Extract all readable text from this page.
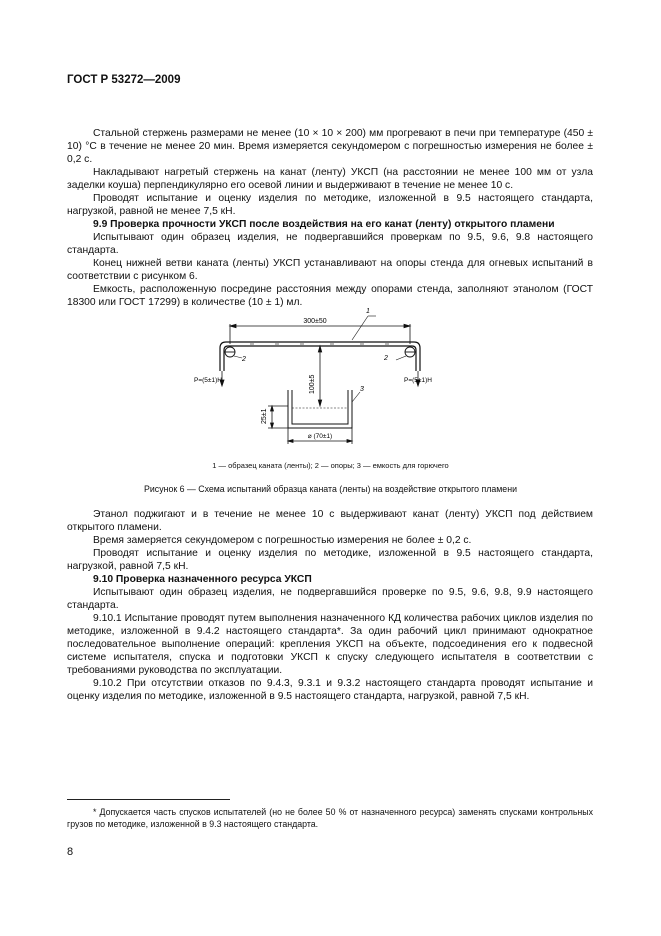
ГОСТ Р 53272—2009

Стальной стержень размерами не менее (10 × 10 × 200) мм прогревают в печи при температуре (450 ± 10) °С в течение не менее 20 мин. Время измеряется секундомером с погрешностью измерения не более ± 0,2 с.

Накладывают нагретый стержень на канат (ленту) УКСП (на расстоянии не менее 100 мм от узла заделки коуша) перпендикулярно его осевой линии и выдерживают в течение не менее 10 с.

Проводят испытание и оценку изделия по методике, изложенной в 9.5 настоящего стандарта, нагрузкой, равной не менее 7,5 кН.

9.9 Проверка прочности УКСП после воздействия на его канат (ленту) открытого пламени

Испытывают один образец изделия, не подвергавшийся проверкам по 9.5, 9.6, 9.8 настоящего стандарта.

Конец нижней ветви каната (ленты) УКСП устанавливают на опоры стенда для огневых испытаний в соответствии с рисунком 6.

Емкость, расположенную посредине расстояния между опорами стенда, заполняют этанолом (ГОСТ 18300 или ГОСТ 17299) в количестве (10 ± 1) мл.

300±50
1
2	2
P=(5±1)Н	P=(5±1)Н
100±5	3
25±1
⌀ (70±1)
1 — образец каната (ленты); 2 — опоры; 3 — емкость для горючего
Рисунок 6 — Схема испытаний образца каната (ленты) на воздействие открытого пламени

Этанол поджигают и в течение не менее 10 с выдерживают канат (ленту) УКСП под действием открытого пламени.

Время замеряется секундомером с погрешностью измерения не более ± 0,2 с.

Проводят испытание и оценку изделия по методике, изложенной в 9.5 настоящего стандарта, нагрузкой, равной 7,5 кН.

9.10 Проверка назначенного ресурса УКСП

Испытывают один образец изделия, не подвергавшийся проверке по 9.5, 9.6, 9.8, 9.9 настоящего стандарта.

9.10.1 Испытание проводят путем выполнения назначенного КД количества рабочих циклов изделия по методике, изложенной в 9.4.2 настоящего стандарта*. За один рабочий цикл принимают однократное последовательное выполнение операций: крепления УКСП на объекте, подсоединения его к подвесной системе испытателя, спуска и подготовки УКСП к спуску следующего испытателя в соответствии с требованиями руководства по эксплуатации.

9.10.2 При отсутствии отказов по 9.4.3, 9.3.1 и 9.3.2 настоящего стандарта проводят испытание и оценку изделия по методике, изложенной в 9.5 настоящего стандарта, нагрузкой, равной 7,5 кН.

* Допускается часть спусков испытателей (но не более 50 % от назначенного ресурса) заменять спусками контрольных грузов по методике, изложенной в 9.3 настоящего стандарта.
8
